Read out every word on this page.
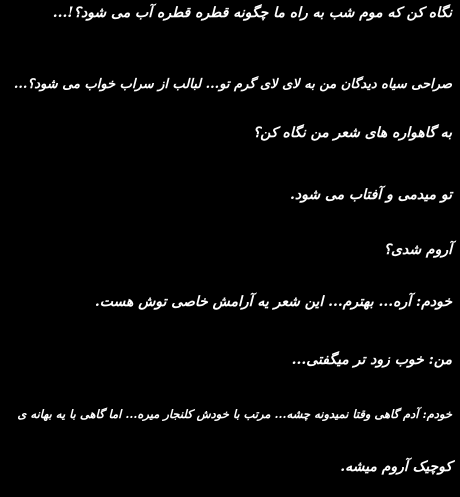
نگاه کن که موم شب به راه ما چگونه قطره قطره آب می شود؟!...
صراحی سیاه دیدگان من به لای لای گرم تو... لبالب از سراب خواب می شود؟...
به گاهواره های شعر من نگاه کن؟
تو میدمی و آفتاب می شود.
آروم شدی؟
خودم: آره... بهترم... این شعر یه آرامش خاصی توش هست.
من: خوب زود تر میگفتی...
خودم: آدم گاهی وقتا نمیدونه چشه... مرتب با خودش کلنجار میره... اما گاهی با یه بهانه ی
کوچیک آروم میشه.
